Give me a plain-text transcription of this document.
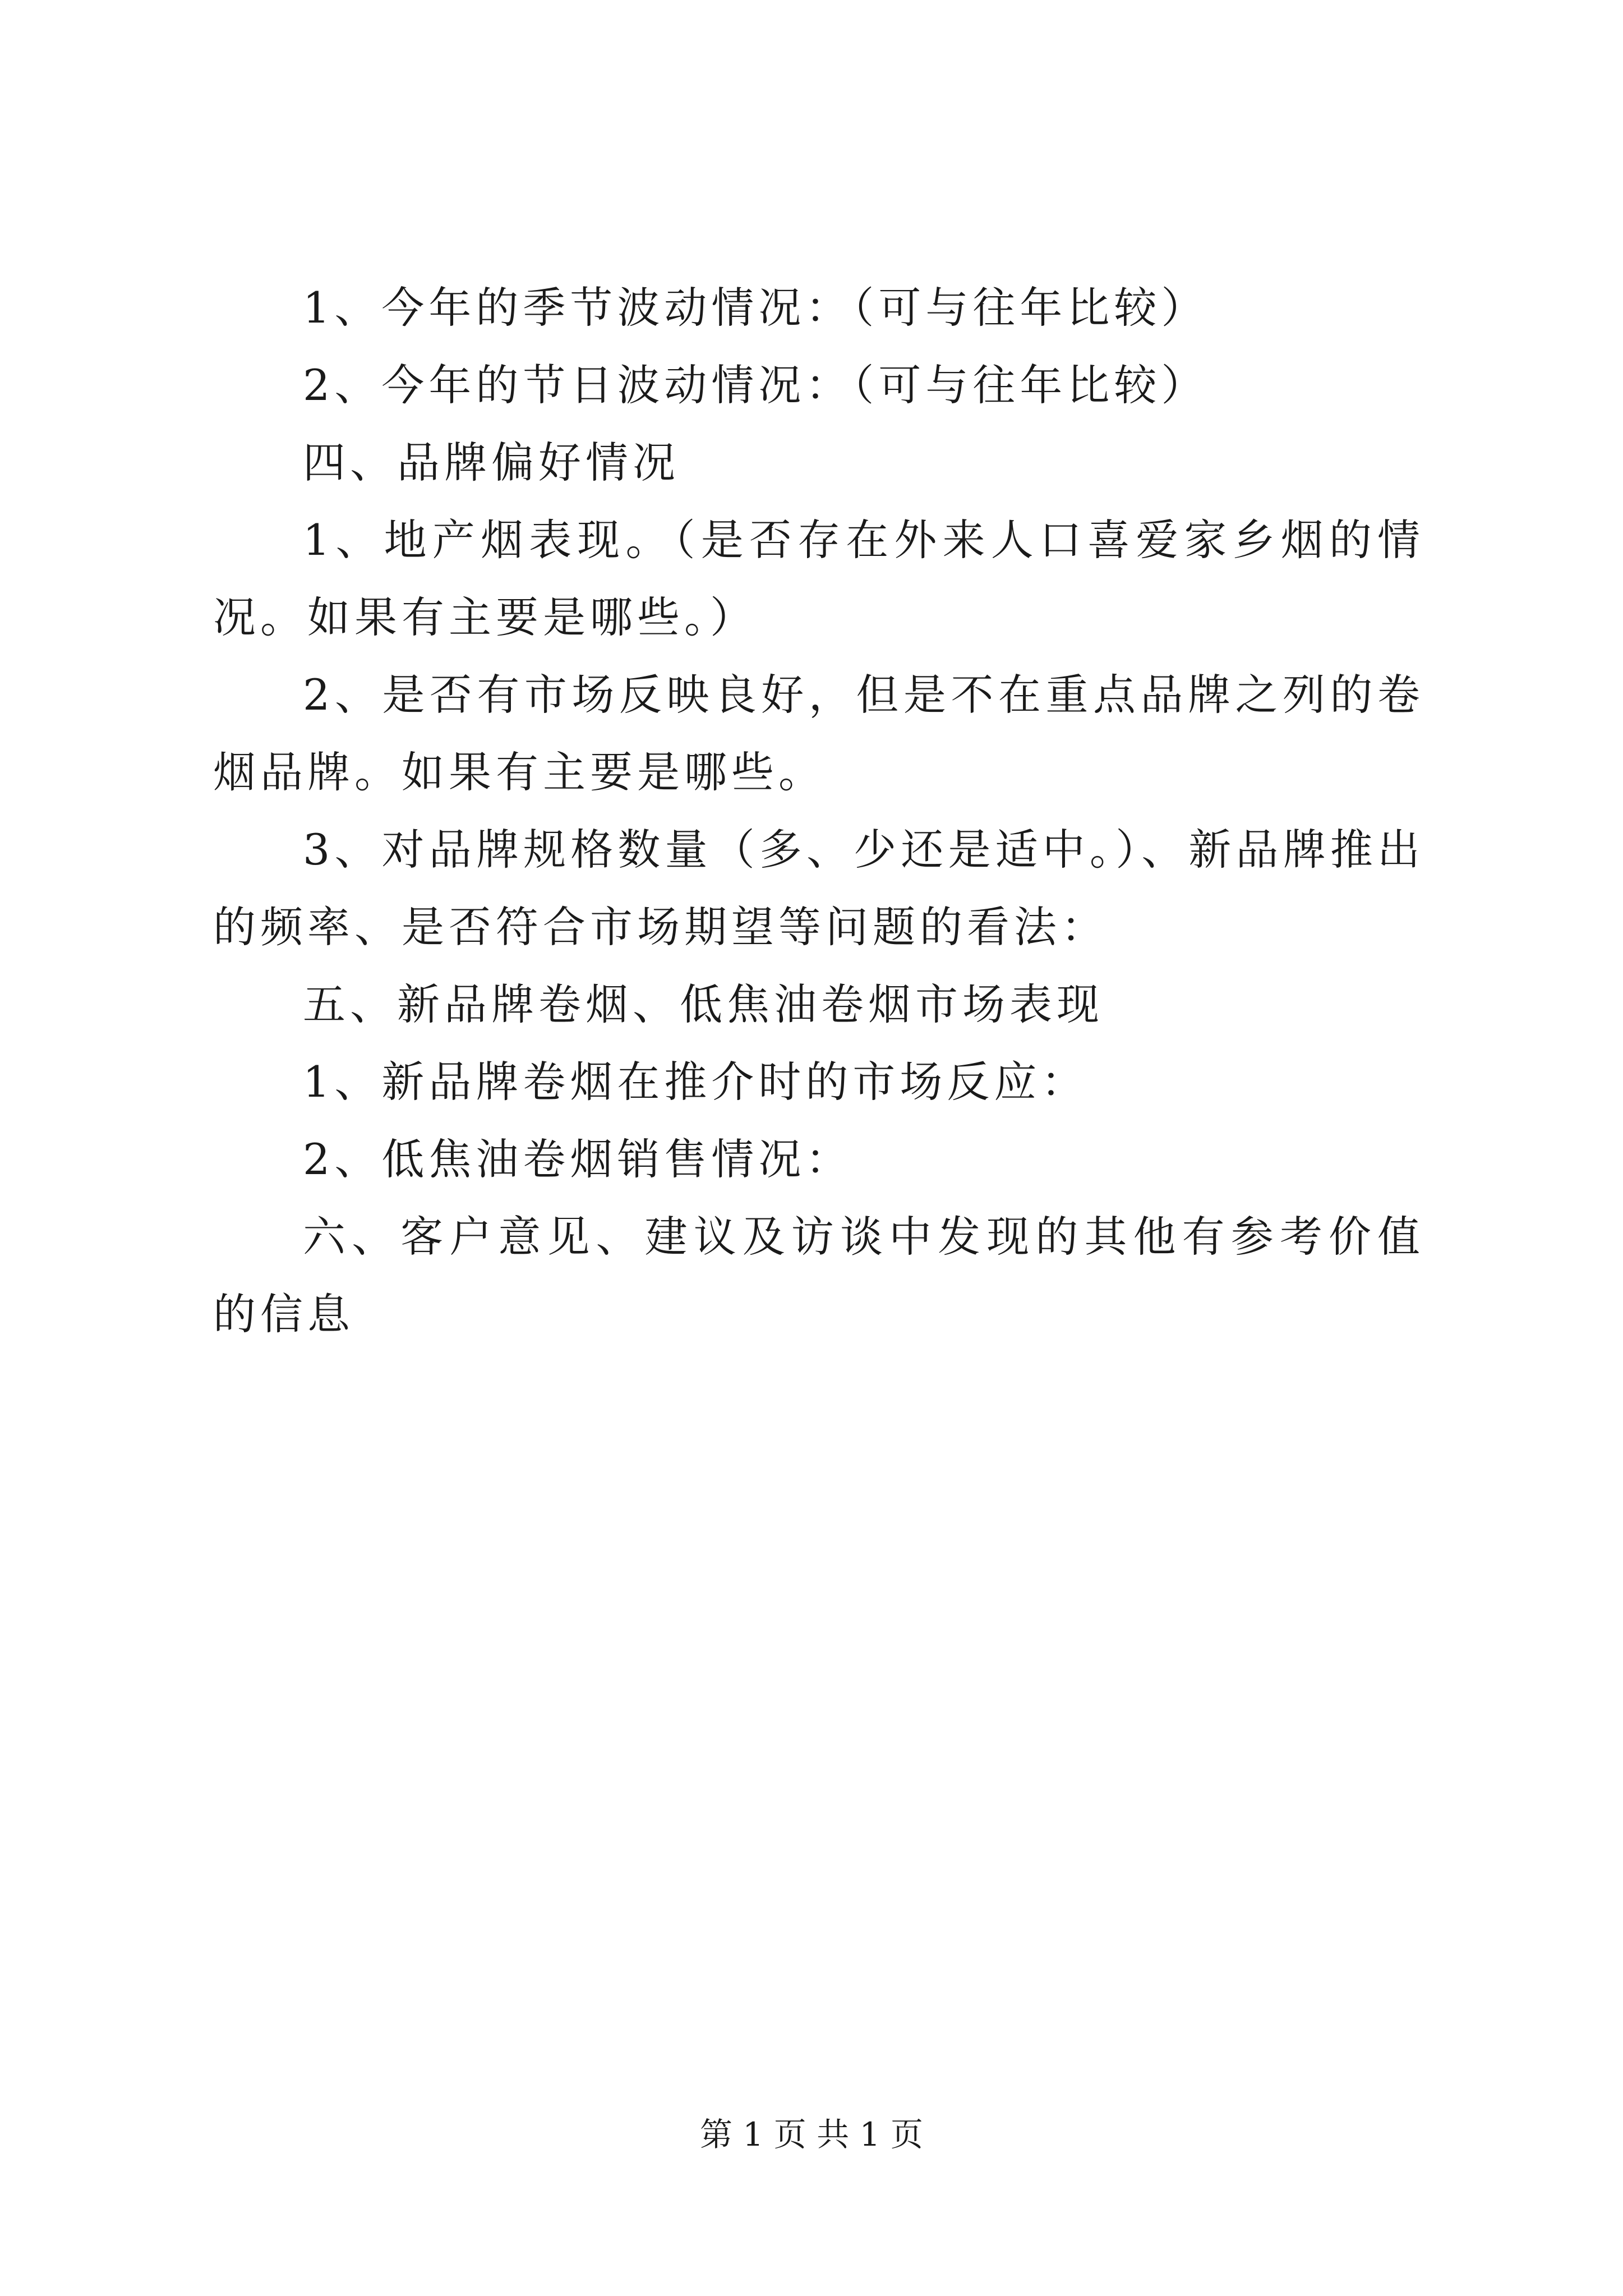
1、今年的季节波动情况：（可与往年比较）

2、今年的节日波动情况：（可与往年比较）

四、品牌偏好情况

1、地产烟表现。（是否存在外来人口喜爱家乡烟的情况。如果有主要是哪些。）

2、是否有市场反映良好，但是不在重点品牌之列的卷烟品牌。如果有主要是哪些。

3、对品牌规格数量（多、少还是适中。）、新品牌推出的频率、是否符合市场期望等问题的看法：

五、新品牌卷烟、低焦油卷烟市场表现

1、新品牌卷烟在推介时的市场反应：

2、低焦油卷烟销售情况：

六、客户意见、建议及访谈中发现的其他有参考价值的信息

第 1 页 共 1 页
